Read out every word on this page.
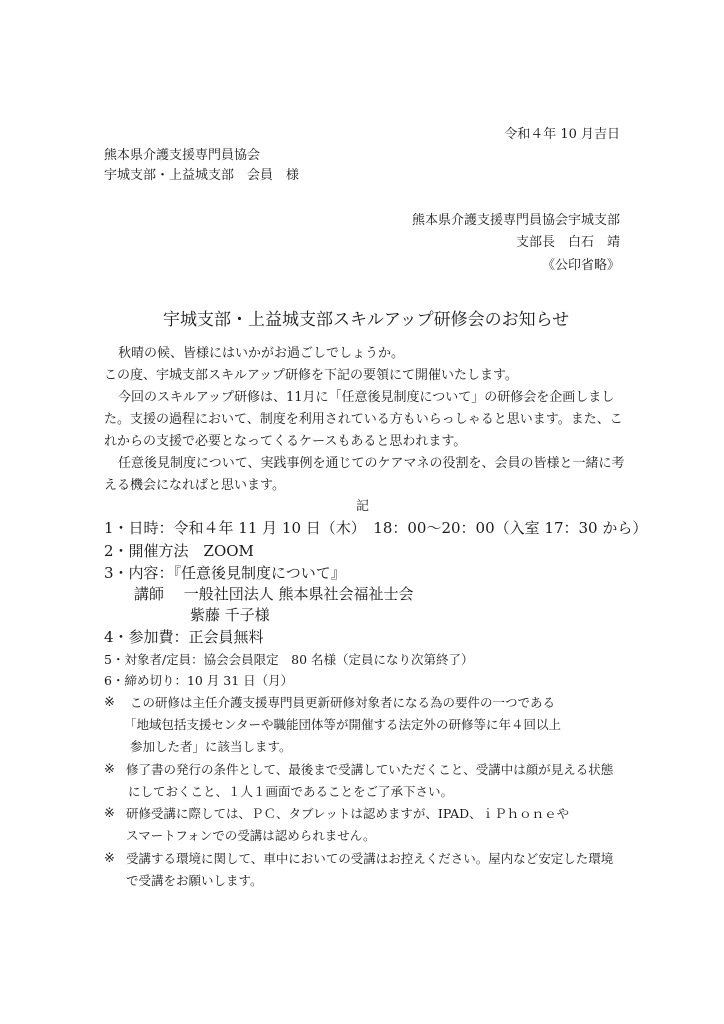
令和４年 10 月吉日

熊本県介護支援専門員協会

宇城支部・上益城支部　会員　様

熊本県介護支援専門員協会宇城支部

支部長　白石　靖

《公印省略》

宇城支部・上益城支部スキルアップ研修会のお知らせ

秋晴の候、皆様にはいかがお過ごしでしょうか。

この度、宇城支部スキルアップ研修を下記の要領にて開催いたします。

今回のスキルアップ研修は、11月に「任意後見制度について」の研修会を企画しまし

た。支援の過程において、制度を利用されている方もいらっしゃると思います。また、こ

れからの支援で必要となってくるケースもあると思われます。

任意後見制度について、実践事例を通じてのケアマネの役割を、会員の皆様と一緒に考

える機会になればと思います。

記

1・日時：令和４年 11 月 10 日（木）　18：00～20：00（入室 17：30 から）

2・開催方法　ZOOM

3・内容：『任意後見制度について』

講師　 一般社団法人 熊本県社会福祉士会

紫藤 千子様

4・参加費：正会員無料

5・対象者/定員：協会会員限定　80 名様（定員になり次第終了）

6・締め切り：10 月 31 日（月）

※ この研修は主任介護支援専門員更新研修対象者になる為の要件の一つである

「地域包括支援センターや職能団体等が開催する法定外の研修等に年４回以上

参加した者」に該当します。

※ 修了書の発行の条件として、最後まで受講していただくこと、受講中は顔が見える状態

にしておくこと、１人１画面であることをご了承下さい。

※ 研修受講に際しては、ＰＣ、タブレットは認めますが、IPAD、ｉＰｈｏｎｅや

スマートフォンでの受講は認められません。

※ 受講する環境に関して、車中においての受講はお控えください。屋内など安定した環境

で受講をお願いします。
